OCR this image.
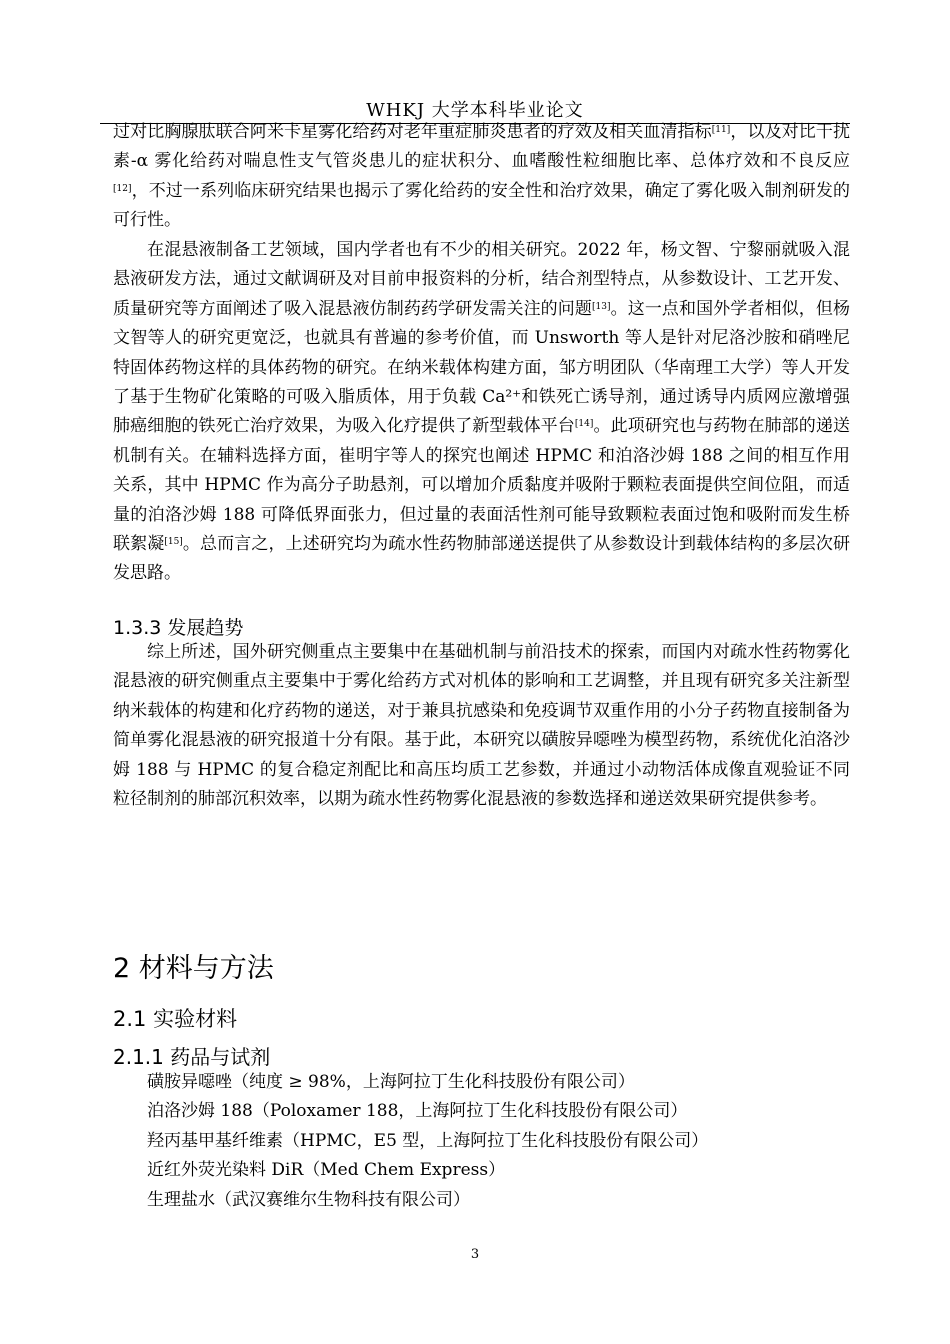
WHKJ 大学本科毕业论文

过对比胸腺肽联合阿米卡星雾化给药对老年重症肺炎患者的疗效及相关血清指标[11]，以及对比干扰素-α 雾化给药对喘息性支气管炎患儿的症状积分、血嗜酸性粒细胞比率、总体疗效和不良反应[12]，不过一系列临床研究结果也揭示了雾化给药的安全性和治疗效果，确定了雾化吸入制剂研发的可行性。

在混悬液制备工艺领域，国内学者也有不少的相关研究。2022 年，杨文智、宁黎丽就吸入混悬液研发方法，通过文献调研及对目前申报资料的分析，结合剂型特点，从参数设计、工艺开发、质量研究等方面阐述了吸入混悬液仿制药药学研发需关注的问题[13]。这一点和国外学者相似，但杨文智等人的研究更宽泛，也就具有普遍的参考价值，而 Unsworth 等人是针对尼洛沙胺和硝唑尼特固体药物这样的具体药物的研究。在纳米载体构建方面，邹方明团队（华南理工大学）等人开发了基于生物矿化策略的可吸入脂质体，用于负载 Ca²⁺和铁死亡诱导剂，通过诱导内质网应激增强肺癌细胞的铁死亡治疗效果，为吸入化疗提供了新型载体平台[14]。此项研究也与药物在肺部的递送机制有关。在辅料选择方面，崔明宇等人的探究也阐述 HPMC 和泊洛沙姆 188 之间的相互作用关系，其中 HPMC 作为高分子助悬剂，可以增加介质黏度并吸附于颗粒表面提供空间位阻，而适量的泊洛沙姆 188 可降低界面张力，但过量的表面活性剂可能导致颗粒表面过饱和吸附而发生桥联絮凝[15]。总而言之，上述研究均为疏水性药物肺部递送提供了从参数设计到载体结构的多层次研发思路。

1.3.3 发展趋势

综上所述，国外研究侧重点主要集中在基础机制与前沿技术的探索，而国内对疏水性药物雾化混悬液的研究侧重点主要集中于雾化给药方式对机体的影响和工艺调整，并且现有研究多关注新型纳米载体的构建和化疗药物的递送，对于兼具抗感染和免疫调节双重作用的小分子药物直接制备为简单雾化混悬液的研究报道十分有限。基于此，本研究以磺胺异噁唑为模型药物，系统优化泊洛沙姆 188 与 HPMC 的复合稳定剂配比和高压均质工艺参数，并通过小动物活体成像直观验证不同粒径制剂的肺部沉积效率，以期为疏水性药物雾化混悬液的参数选择和递送效果研究提供参考。

2 材料与方法
2.1 实验材料
2.1.1 药品与试剂
磺胺异噁唑（纯度 ≥ 98%，上海阿拉丁生化科技股份有限公司）
泊洛沙姆 188（Poloxamer 188，上海阿拉丁生化科技股份有限公司）
羟丙基甲基纤维素（HPMC，E5 型，上海阿拉丁生化科技股份有限公司）
近红外荧光染料 DiR（Med Chem Express）
生理盐水（武汉赛维尔生物科技有限公司）
3
